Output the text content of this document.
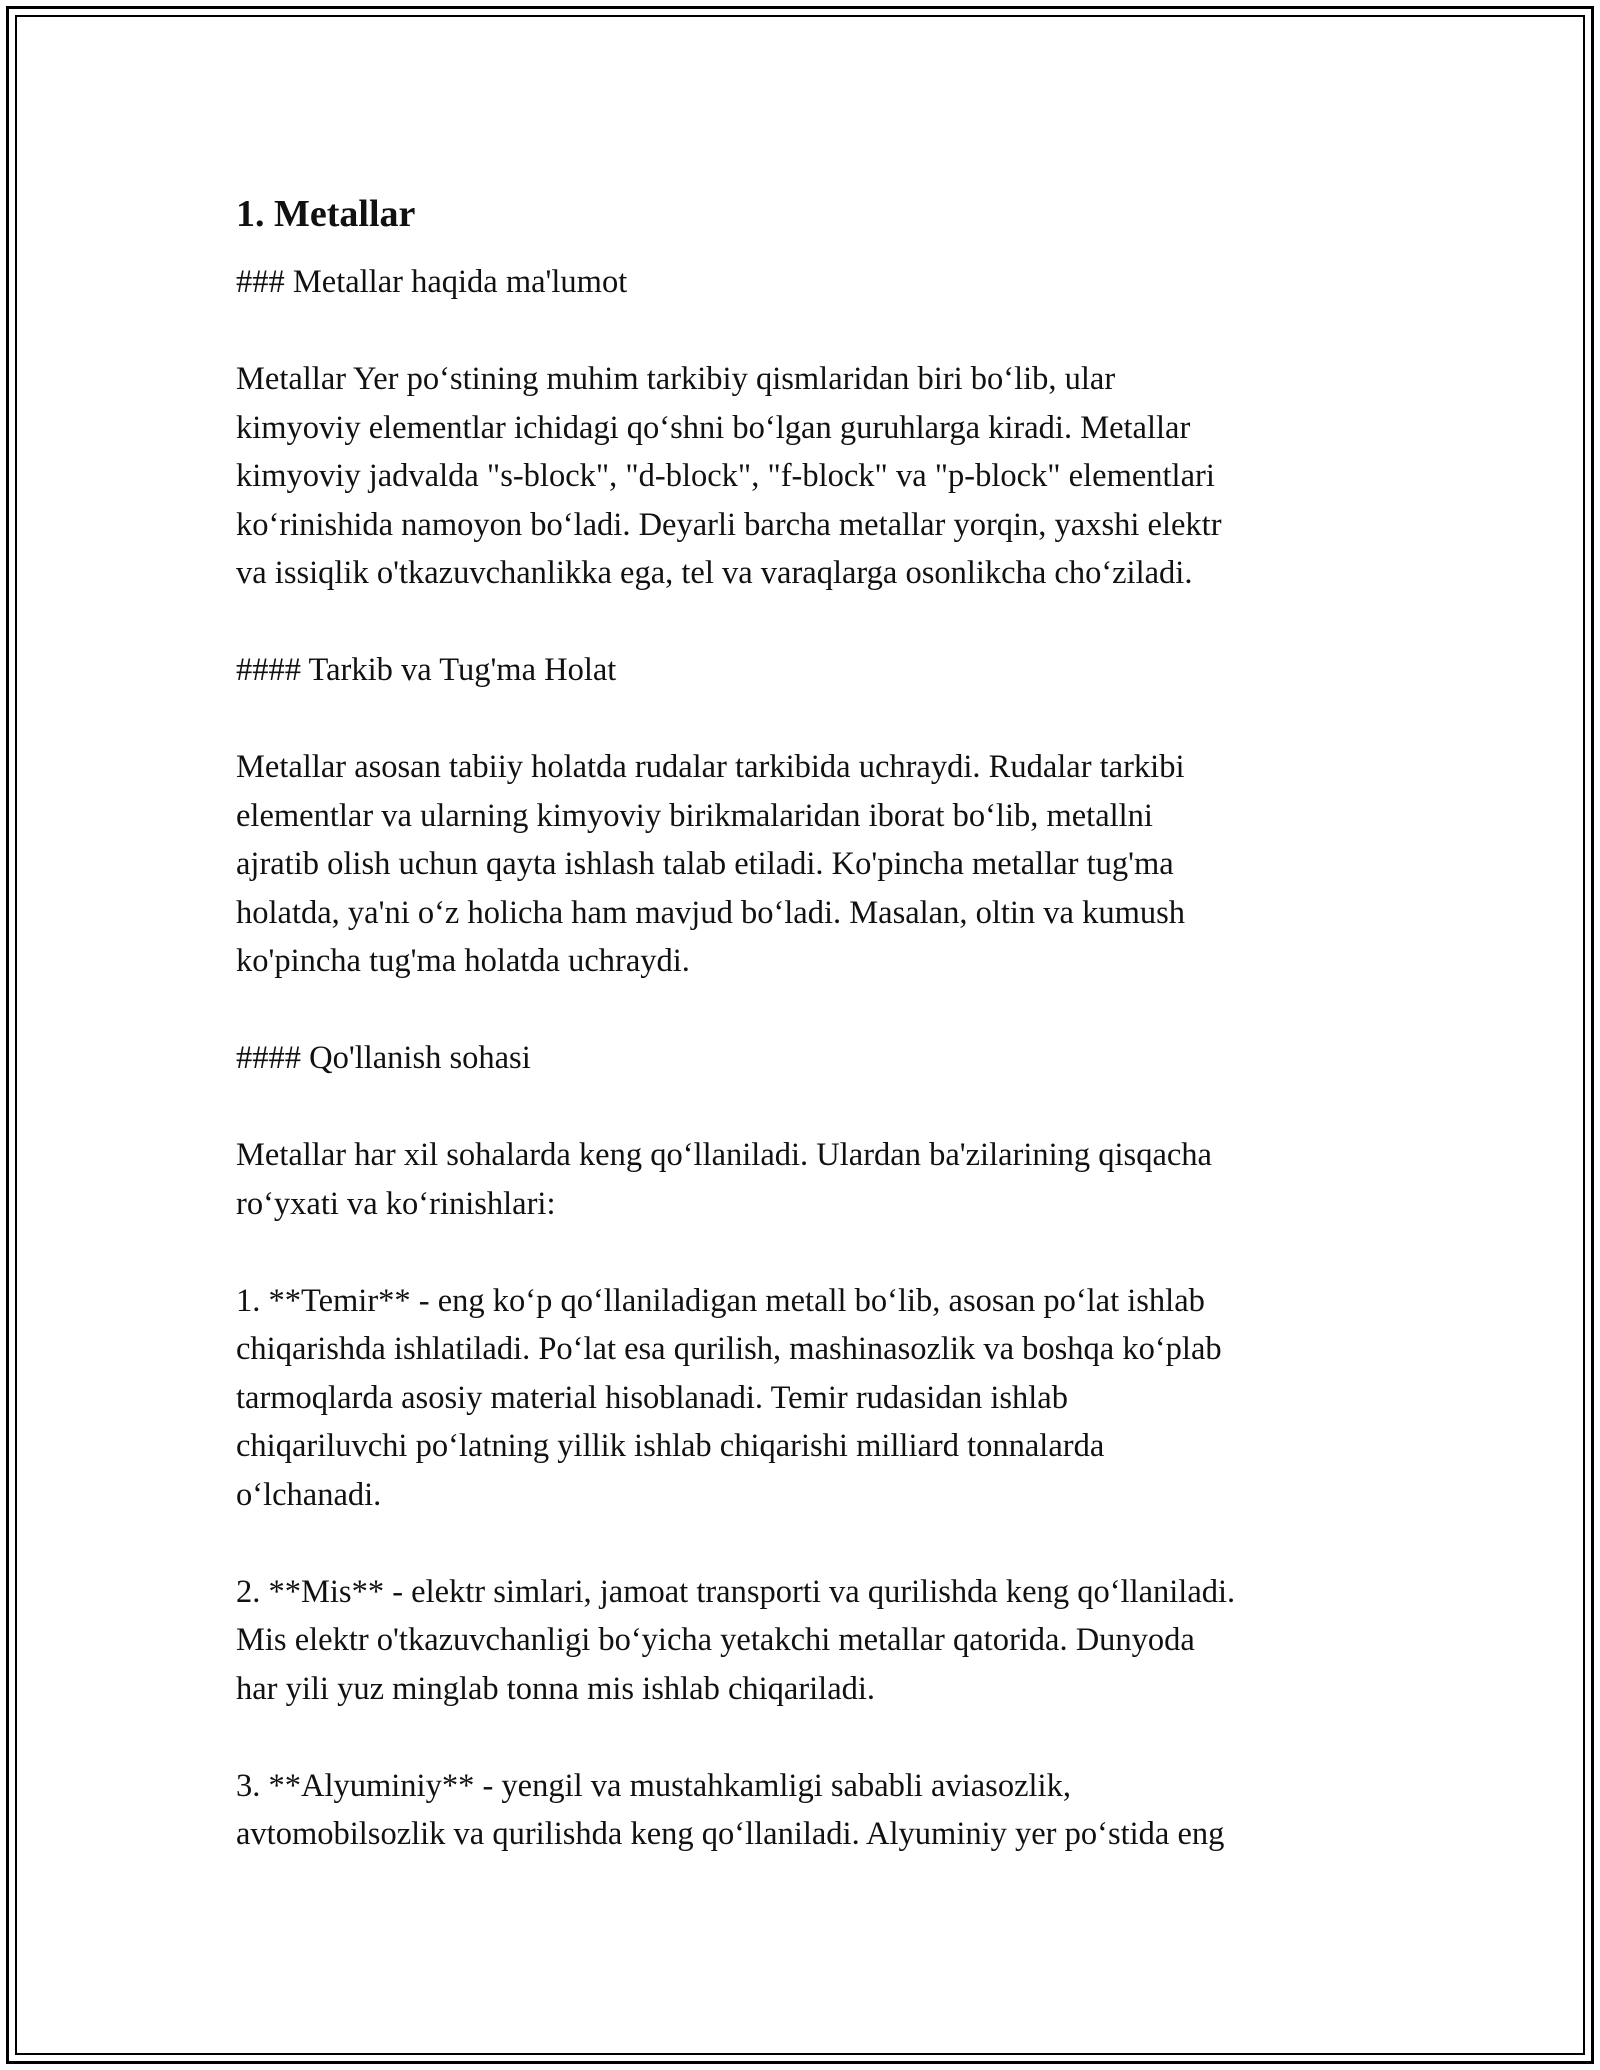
1. Metallar
### Metallar haqida ma'lumot

Metallar Yer poʻstining muhim tarkibiy qismlaridan biri boʻlib, ular
kimyoviy elementlar ichidagi qoʻshni boʻlgan guruhlarga kiradi. Metallar
kimyoviy jadvalda "s-block", "d-block", "f-block" va "p-block" elementlari
koʻrinishida namoyon boʻladi. Deyarli barcha metallar yorqin, yaxshi elektr
va issiqlik o'tkazuvchanlikka ega, tel va varaqlarga osonlikcha choʻziladi.

#### Tarkib va Tug'ma Holat

Metallar asosan tabiiy holatda rudalar tarkibida uchraydi. Rudalar tarkibi
elementlar va ularning kimyoviy birikmalaridan iborat boʻlib, metallni
ajratib olish uchun qayta ishlash talab etiladi. Ko'pincha metallar tug'ma
holatda, ya'ni oʻz holicha ham mavjud boʻladi. Masalan, oltin va kumush
ko'pincha tug'ma holatda uchraydi.

#### Qo'llanish sohasi

Metallar har xil sohalarda keng qoʻllaniladi. Ulardan ba'zilarining qisqacha
roʻyxati va koʻrinishlari:

1. **Temir** - eng koʻp qoʻllaniladigan metall boʻlib, asosan poʻlat ishlab
chiqarishda ishlatiladi. Poʻlat esa qurilish, mashinasozlik va boshqa koʻplab
tarmoqlarda asosiy material hisoblanadi. Temir rudasidan ishlab
chiqariluvchi poʻlatning yillik ishlab chiqarishi milliard tonnalarda
oʻlchanadi.

2. **Mis** - elektr simlari, jamoat transporti va qurilishda keng qoʻllaniladi.
Mis elektr o'tkazuvchanligi boʻyicha yetakchi metallar qatorida. Dunyoda
har yili yuz minglab tonna mis ishlab chiqariladi.

3. **Alyuminiy** - yengil va mustahkamligi sababli aviasozlik,
avtomobilsozlik va qurilishda keng qoʻllaniladi. Alyuminiy yer poʻstida eng
